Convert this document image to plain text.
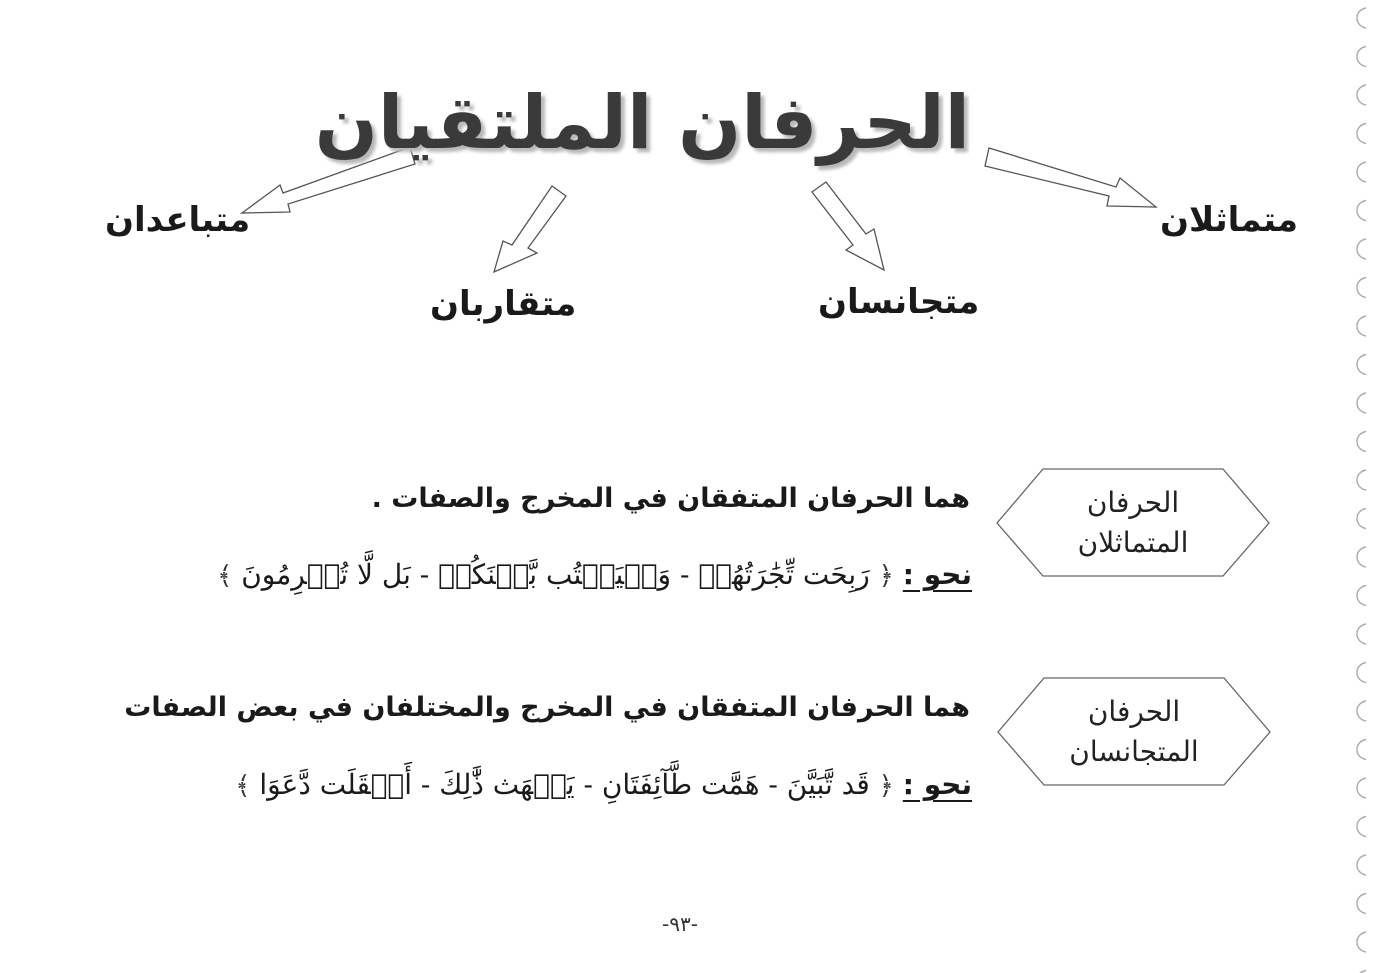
الحرفان الملتقيان
متماثلان
متجانسان
متقاربان
متباعدان
الحرفان
المتماثلان
هما الحرفان المتفقان في المخرج والصفات .
نحو : ﴿ رَبِحَت تِّجَٰرَتُهُمۡ - وَلۡيَكۡتُب بَّيۡنَكُمۡ - بَل لَّا تُكۡرِمُونَ ﴾
الحرفان
المتجانسان
هما الحرفان المتفقان في المخرج والمختلفان في بعض الصفات
نحو : ﴿ قَد تَّبَيَّنَ - هَمَّت طَّآئِفَتَانِ - يَلۡهَث ذَّٰلِكَ - أَثۡقَلَت دَّعَوَا ﴾
-٩٣-
